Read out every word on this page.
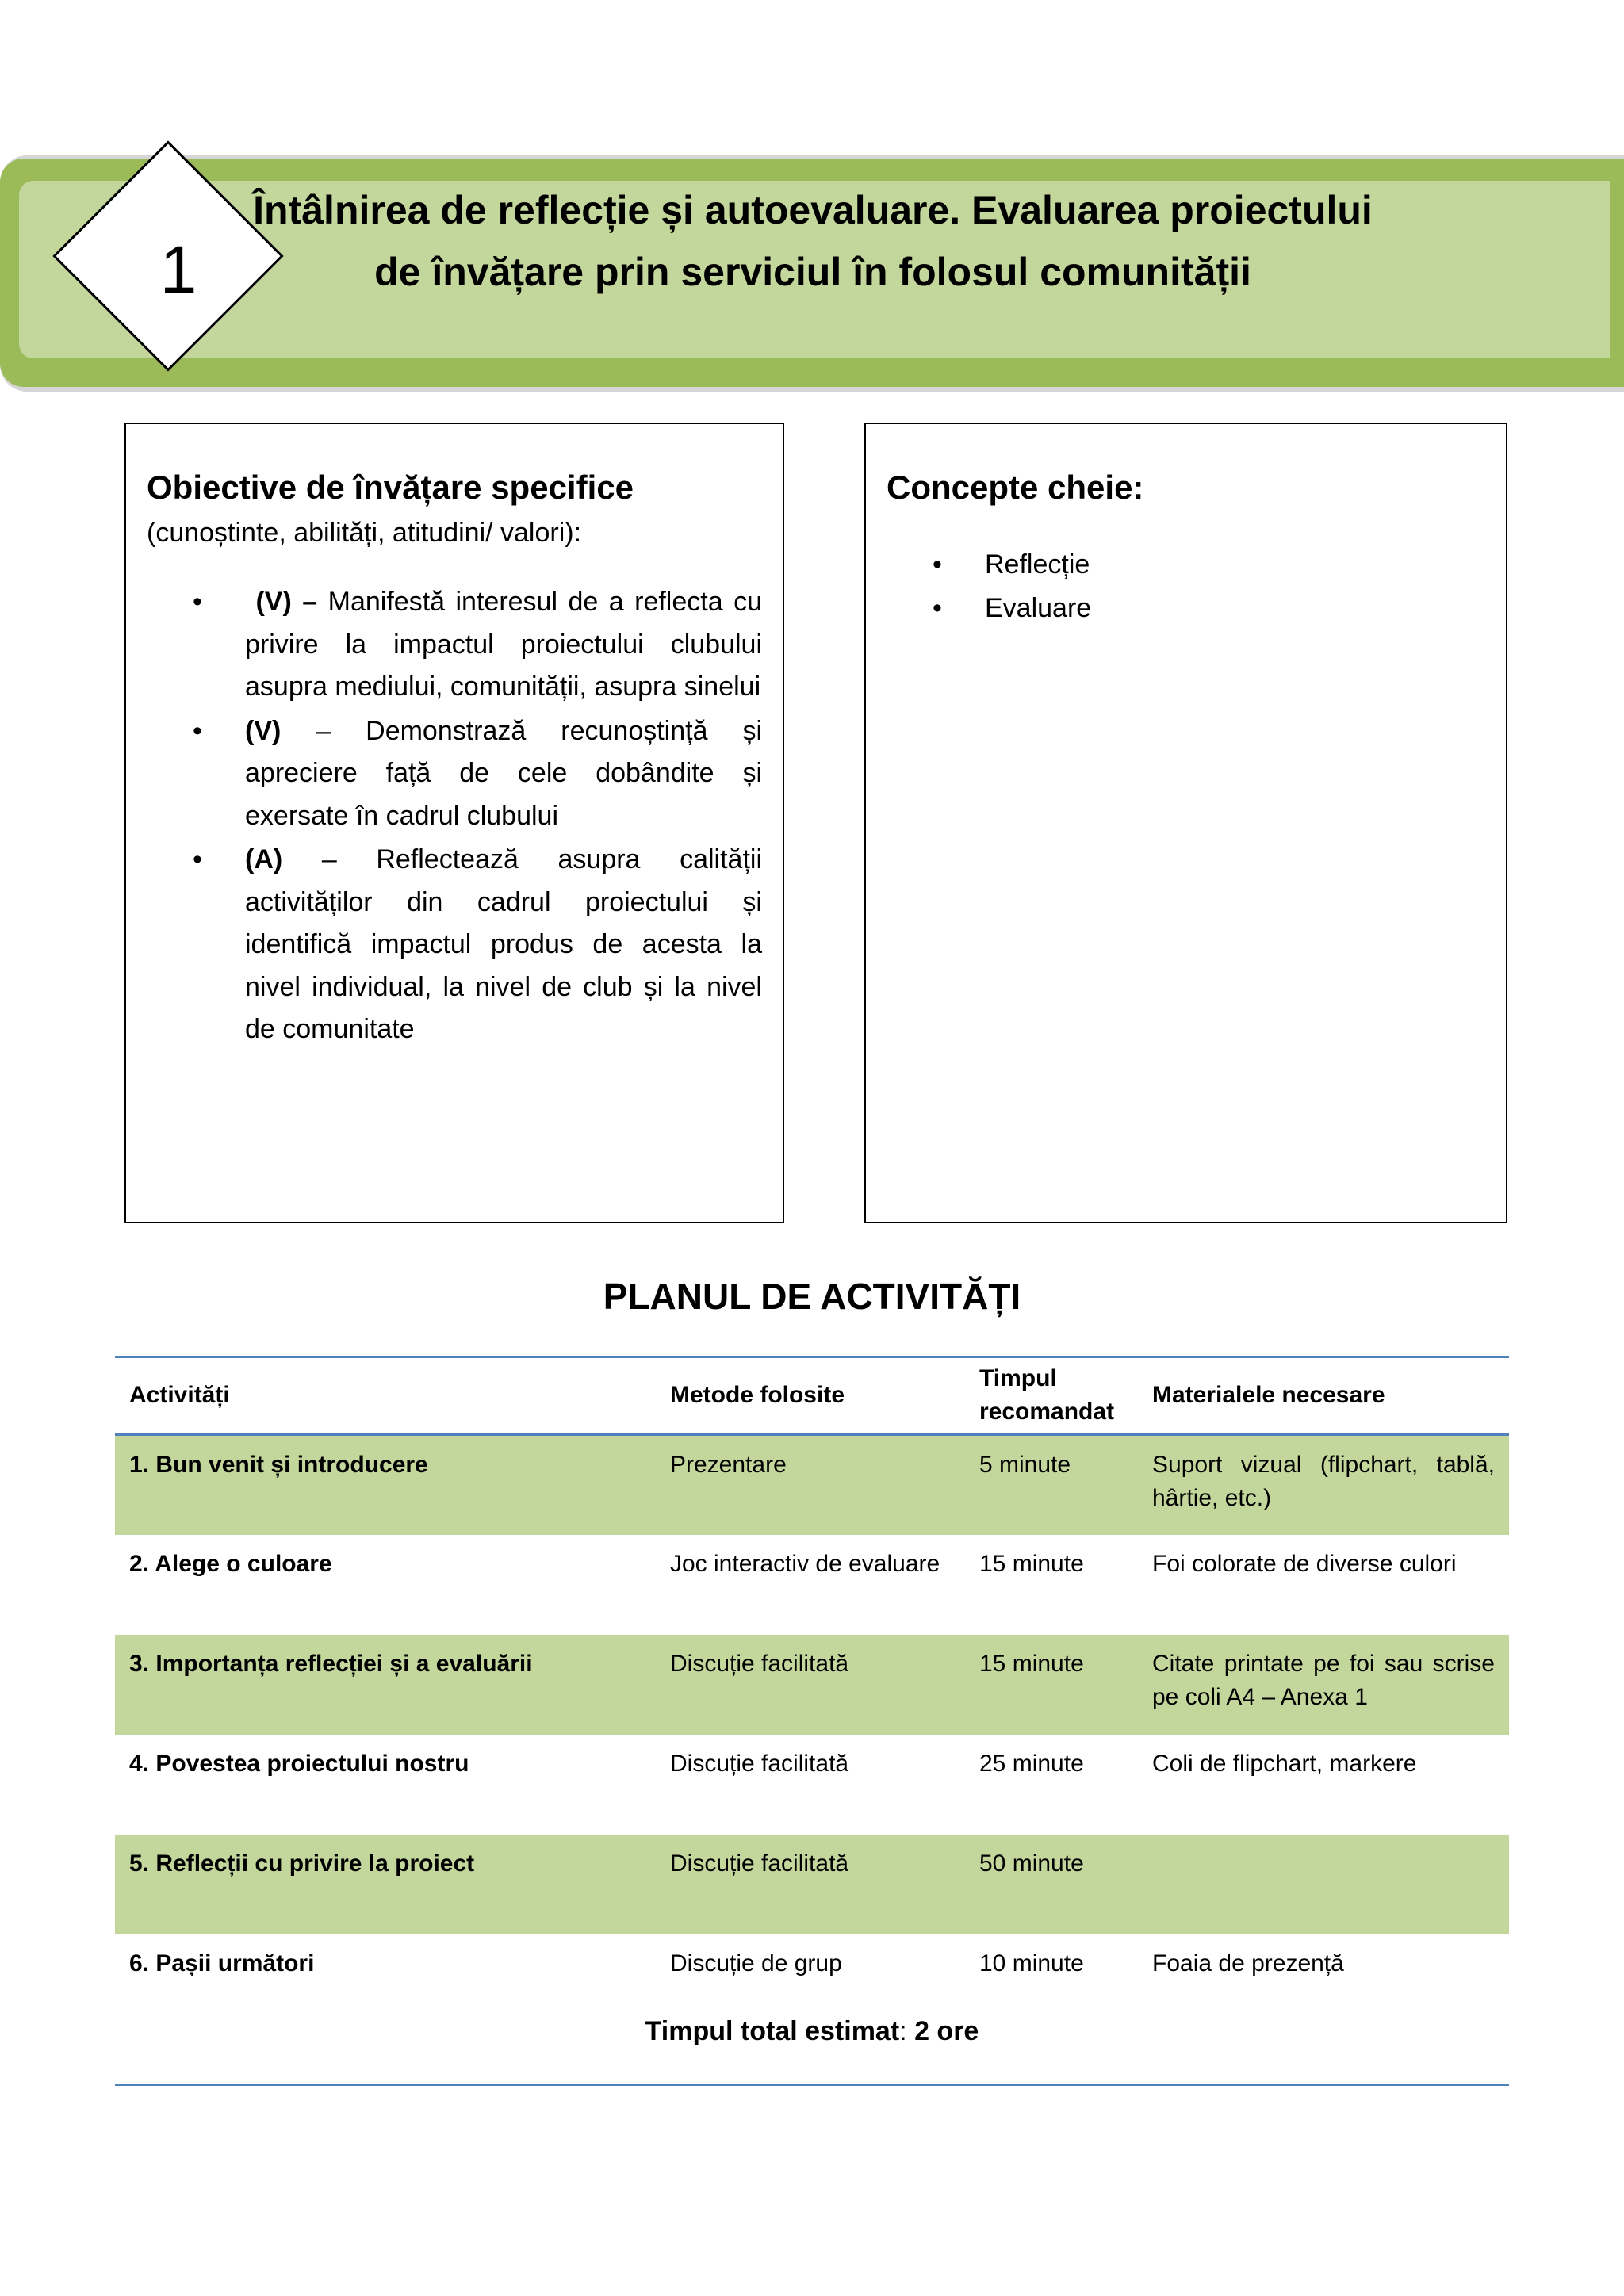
1
Întâlnirea de reflecție și autoevaluare. Evaluarea proiectului
de învățare prin serviciul în folosul comunității
Obiective de învățare specifice
(cunoștinte, abilități, atitudini/ valori):
• (V) – Manifestă interesul de a reflecta cu privire la impactul proiectului clubului asupra mediului, comunității, asupra sinelui
• (V) – Demonstrază recunoștință și apreciere față de cele dobândite și exersate în cadrul clubului
• (A) – Reflectează asupra calității activităților din cadrul proiectului și identifică impactul produs de acesta la nivel individual, la nivel de club și la nivel de comunitate
Concepte cheie:
• Reflecție
• Evaluare
PLANUL DE ACTIVITĂȚI
Activități	Metode folosite	Timpul recomandat	Materialele necesare
1. Bun venit și introducere	Prezentare	5 minute	Suport vizual (flipchart, tablă, hârtie, etc.)
2. Alege o culoare	Joc interactiv de evaluare	15 minute	Foi colorate de diverse culori
3. Importanța reflecției și a evaluării	Discuție facilitată	15 minute	Citate printate pe foi sau scrise pe coli A4 – Anexa 1
4. Povestea proiectului nostru	Discuție facilitată	25 minute	Coli de flipchart, markere
5. Reflecții cu privire la proiect	Discuție facilitată	50 minute	
6. Pașii următori	Discuție de grup	10 minute	Foaia de prezență
Timpul total estimat: 2 ore
